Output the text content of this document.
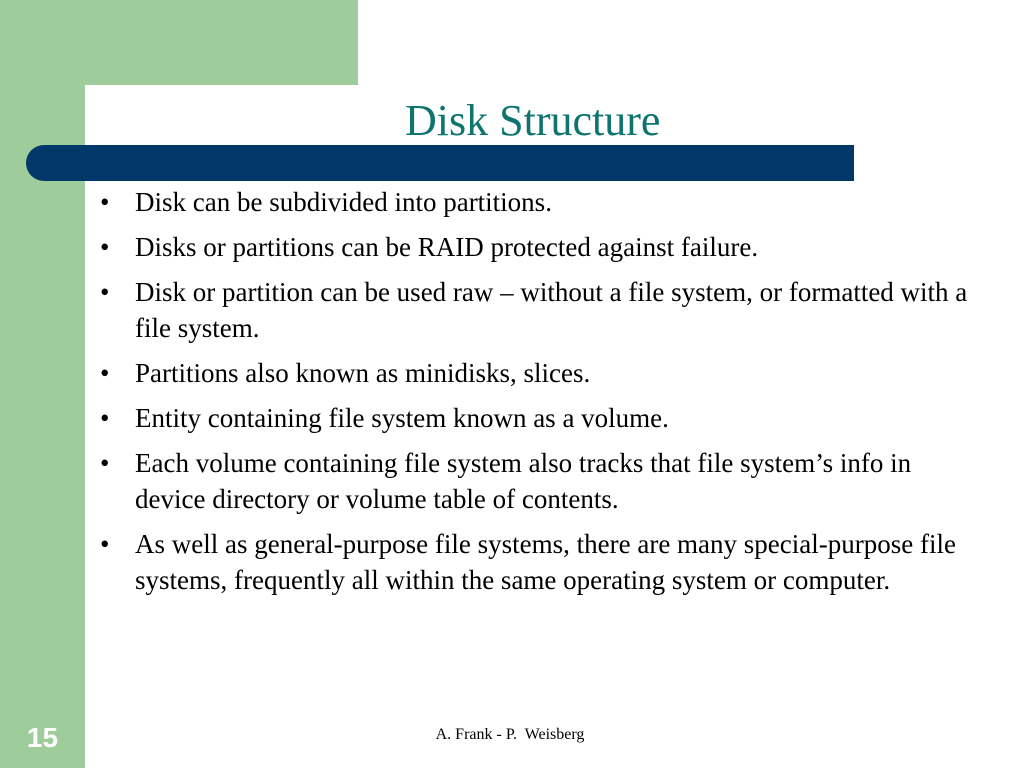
Disk Structure
• Disk can be subdivided into partitions.
• Disks or partitions can be RAID protected against failure.
• Disk or partition can be used raw – without a file system, or formatted with a file system.
• Partitions also known as minidisks, slices.
• Entity containing file system known as a volume.
• Each volume containing file system also tracks that file system’s info in device directory or volume table of contents.
• As well as general-purpose file systems, there are many special-purpose file systems, frequently all within the same operating system or computer.
15	A. Frank - P.  Weisberg
